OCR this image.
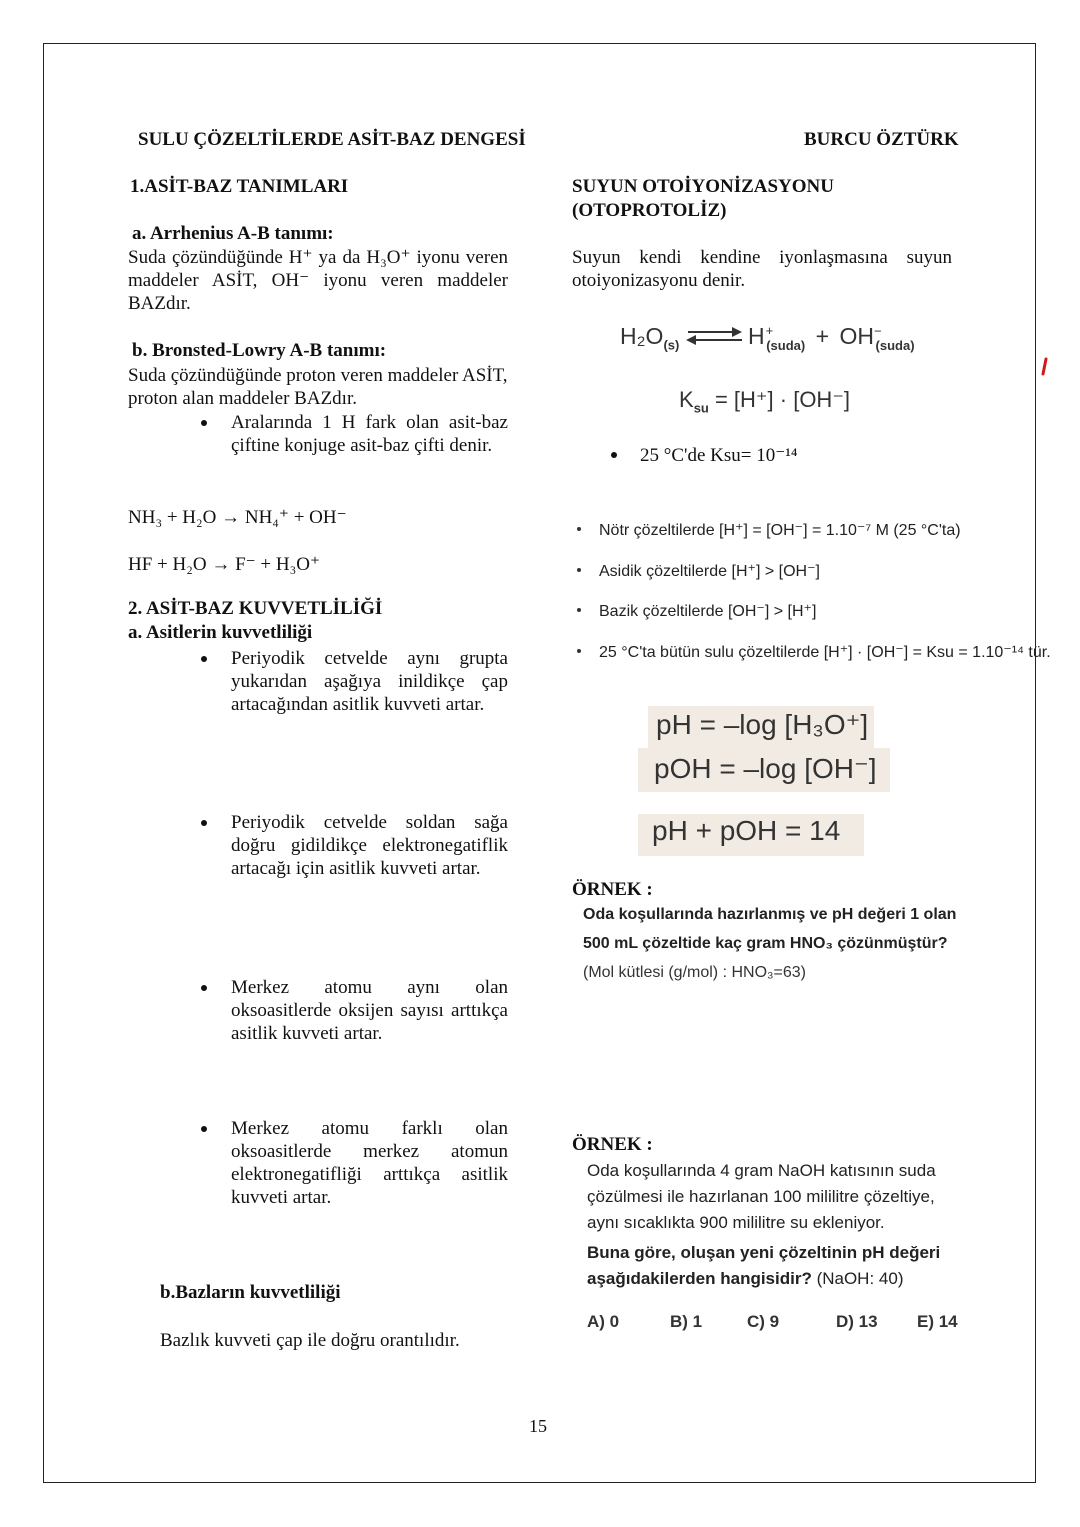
SULU ÇÖZELTİLERDE ASİT-BAZ DENGESİ	BURCU ÖZTÜRK
1.ASİT-BAZ TANIMLARI
a. Arrhenius A-B tanımı:
Suda çözündüğünde H⁺ ya da H₃O⁺ iyonu veren maddeler ASİT, OH⁻ iyonu veren maddeler BAZdır.
b. Bronsted-Lowry A-B tanımı:
Suda çözündüğünde proton veren maddeler ASİT, proton alan maddeler BAZdır.
Aralarında 1 H fark olan asit-baz çiftine konjuge asit-baz çifti denir.
NH₃ + H₂O → NH₄⁺ + OH⁻
HF + H₂O → F⁻ + H₃O⁺
2. ASİT-BAZ KUVVETLİLİĞİ
a. Asitlerin kuvvetliliği
Periyodik cetvelde aynı grupta yukarıdan aşağıya inildikçe çap artacağından asitlik kuvveti artar.
Periyodik cetvelde soldan sağa doğru gidildikçe elektronegatiflik artacağı için asitlik kuvveti artar.
Merkez atomu aynı olan oksoasitlerde oksijen sayısı arttıkça asitlik kuvveti artar.
Merkez atomu farklı olan oksoasitlerde merkez atomun elektronegatifliği arttıkça asitlik kuvveti artar.
b.Bazların kuvvetliliği
Bazlık kuvveti çap ile doğru orantılıdır.
SUYUN OTOİYONİZASYONU
(OTOPROTOLİZ)
Suyun kendi kendine iyonlaşmasına suyun otoiyonizasyonu denir.
$H_2O_{(s)}$ ⇌ $H^+_{(suda)} + OH^-_{(suda)}$
$K_{su} = [H^+] \cdot [OH^-]$
25 °C'de Ksu= 10⁻¹⁴
Nötr çözeltilerde [H⁺] = [OH⁻] = 1.10⁻⁷ M (25 °C'ta)
Asidik çözeltilerde [H⁺] > [OH⁻]
Bazik çözeltilerde [OH⁻] > [H⁺]
25 °C'ta bütün sulu çözeltilerde [H⁺] · [OH⁻] = Ksu = 1.10⁻¹⁴ tür.
pH = –log [H₃O⁺]
pOH = –log [OH⁻]
pH + pOH = 14
ÖRNEK :
Oda koşullarında hazırlanmış ve pH değeri 1 olan
500 mL çözeltide kaç gram HNO₃ çözünmüştür?
(Mol kütlesi (g/mol) : HNO₃=63)
ÖRNEK :
Oda koşullarında 4 gram NaOH katısının suda
çözülmesi ile hazırlanan 100 mililitre çözeltiye,
aynı sıcaklıkta 900 mililitre su ekleniyor.
Buna göre, oluşan yeni çözeltinin pH değeri
aşağıdakilerden hangisidir? (NaOH: 40)
A) 0	B) 1	C) 9	D) 13 E) 14
15
